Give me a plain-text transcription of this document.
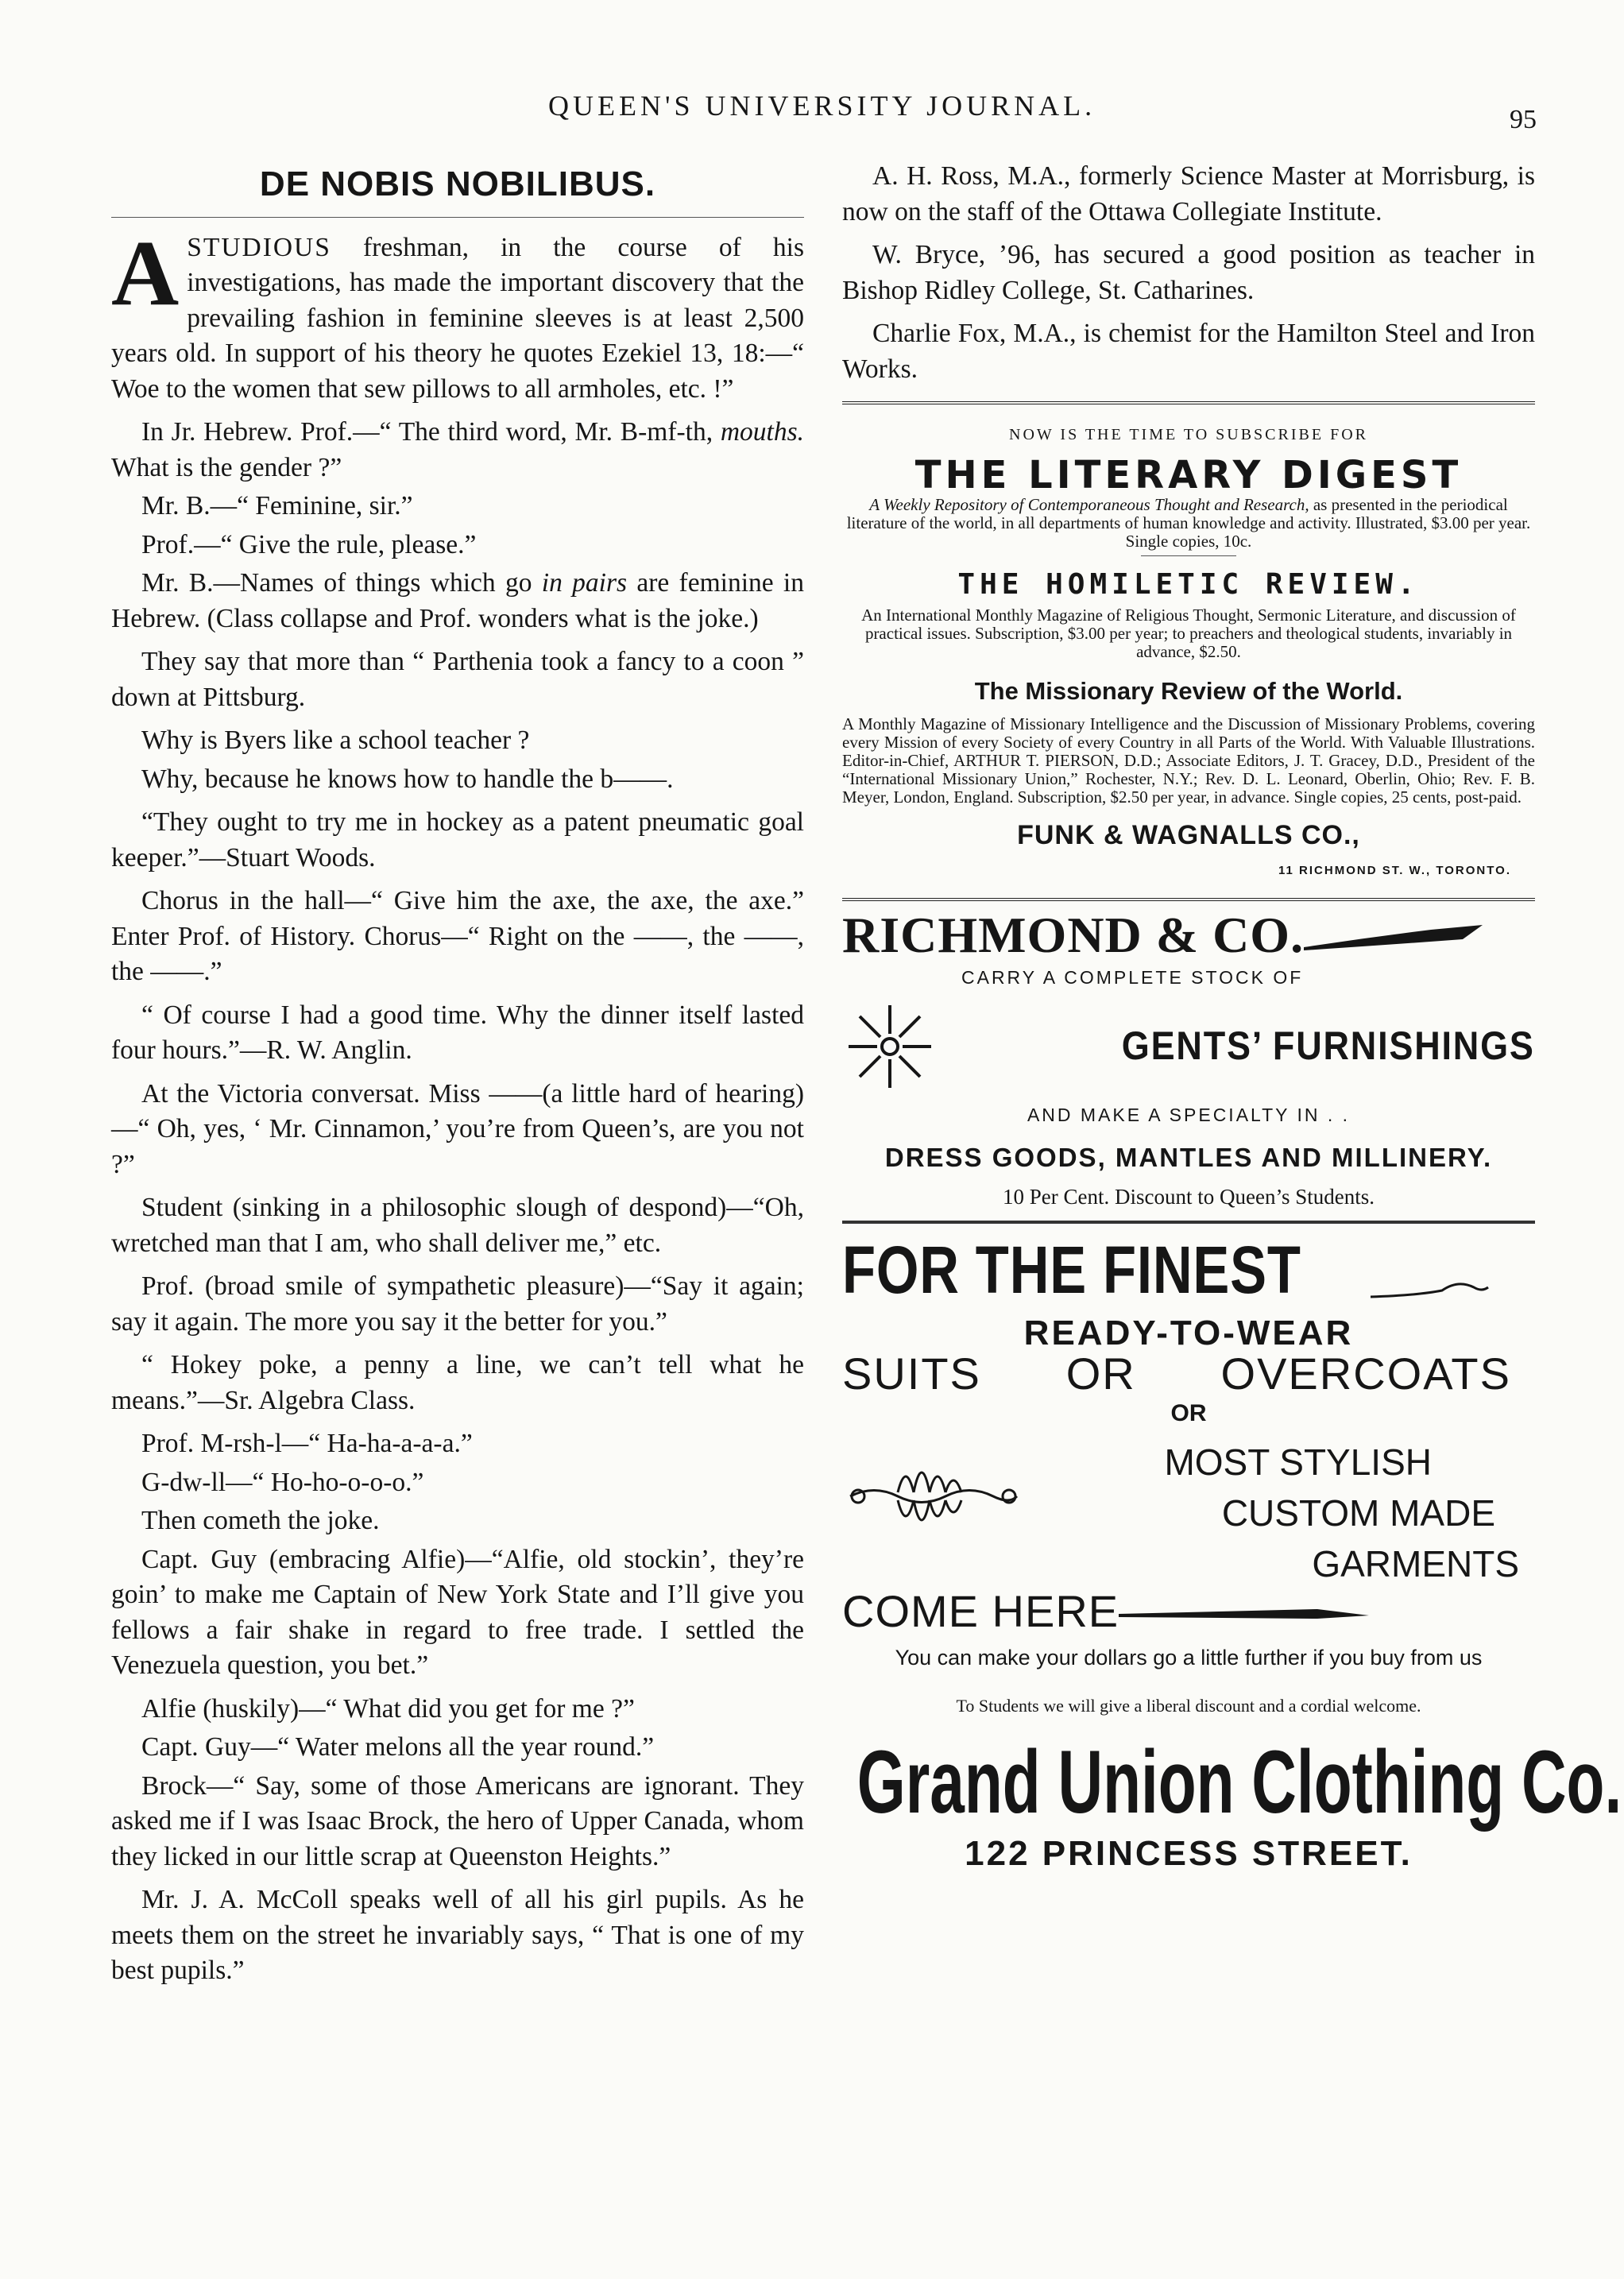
QUEEN'S UNIVERSITY JOURNAL.	95
DE NOBIS NOBILIBUS.

ASTUDIOUS freshman, in the course of his investigations, has made the important discovery that the prevailing fashion in feminine sleeves is at least 2,500 years old. In support of his theory he quotes Ezekiel 13, 18:—“ Woe to the women that sew pillows to all armholes, etc. !”

In Jr. Hebrew. Prof.—“ The third word, Mr. B-mf-th, mouths. What is the gender ?”

Mr. B.—“ Feminine, sir.”

Prof.—“ Give the rule, please.”

Mr. B.—Names of things which go in pairs are feminine in Hebrew. (Class collapse and Prof. wonders what is the joke.)

They say that more than “ Parthenia took a fancy to a coon ” down at Pittsburg.

Why is Byers like a school teacher ?

Why, because he knows how to handle the b——.

“They ought to try me in hockey as a patent pneumatic goal keeper.”—Stuart Woods.

Chorus in the hall—“ Give him the axe, the axe, the axe.” Enter Prof. of History. Chorus—“ Right on the ——, the ——, the ——.”

“ Of course I had a good time. Why the dinner itself lasted four hours.”—R. W. Anglin.

At the Victoria conversat. Miss ——(a little hard of hearing)—“ Oh, yes, ‘ Mr. Cinnamon,’ you’re from Queen’s, are you not ?”

Student (sinking in a philosophic slough of despond)—“Oh, wretched man that I am, who shall deliver me,” etc.

Prof. (broad smile of sympathetic pleasure)—“Say it again; say it again. The more you say it the better for you.”

“ Hokey poke, a penny a line, we can’t tell what he means.”—Sr. Algebra Class.

Prof. M-rsh-l—“ Ha-ha-a-a-a.”

G-dw-ll—“ Ho-ho-o-o-o.”

Then cometh the joke.

Capt. Guy (embracing Alfie)—“Alfie, old stockin’, they’re goin’ to make me Captain of New York State and I’ll give you fellows a fair shake in regard to free trade. I settled the Venezuela question, you bet.”

Alfie (huskily)—“ What did you get for me ?”

Capt. Guy—“ Water melons all the year round.”

Brock—“ Say, some of those Americans are ignorant. They asked me if I was Isaac Brock, the hero of Upper Canada, whom they licked in our little scrap at Queenston Heights.”

Mr. J. A. McColl speaks well of all his girl pupils. As he meets them on the street he invariably says, “ That is one of my best pupils.”

A. H. Ross, M.A., formerly Science Master at Morrisburg, is now on the staff of the Ottawa Collegiate Institute.

W. Bryce, ’96, has secured a good position as teacher in Bishop Ridley College, St. Catharines.

Charlie Fox, M.A., is chemist for the Hamilton Steel and Iron Works.

NOW IS THE TIME TO SUBSCRIBE FOR
THE LITERARY DIGEST
A Weekly Repository of Contemporaneous Thought and Research, as presented in the periodical literature of the world, in all departments of human knowledge and activity. Illustrated, $3.00 per year. Single copies, 10c.
THE HOMILETIC REVIEW.
An International Monthly Magazine of Religious Thought, Sermonic Literature, and discussion of practical issues. Subscription, $3.00 per year; to preachers and theological students, invariably in advance, $2.50.
The Missionary Review of the World.
A Monthly Magazine of Missionary Intelligence and the Discussion of Missionary Problems, covering every Mission of every Society of every Country in all Parts of the World. With Valuable Illustrations. Editor-in-Chief, ARTHUR T. PIERSON, D.D.; Associate Editors, J. T. Gracey, D.D., President of the “International Missionary Union,” Rochester, N.Y.; Rev. D. L. Leonard, Oberlin, Ohio; Rev. F. B. Meyer, London, England. Subscription, $2.50 per year, in advance. Single copies, 25 cents, post-paid.
FUNK & WAGNALLS CO.,
11 RICHMOND ST. W., TORONTO.
RICHMOND & CO.
CARRY A COMPLETE STOCK OF
GENTS’ FURNISHINGS
AND MAKE A SPECIALTY IN . .
DRESS GOODS, MANTLES AND MILLINERY.
10 Per Cent. Discount to Queen’s Students.
FOR THE FINEST
READY-TO-WEAR
SUITS OR OVERCOATS
OR
MOST STYLISH
CUSTOM MADE
GARMENTS
COME HERE
You can make your dollars go a little further if you buy from us
To Students we will give a liberal discount and a cordial welcome.
Grand Union Clothing Co.
122 PRINCESS STREET.
